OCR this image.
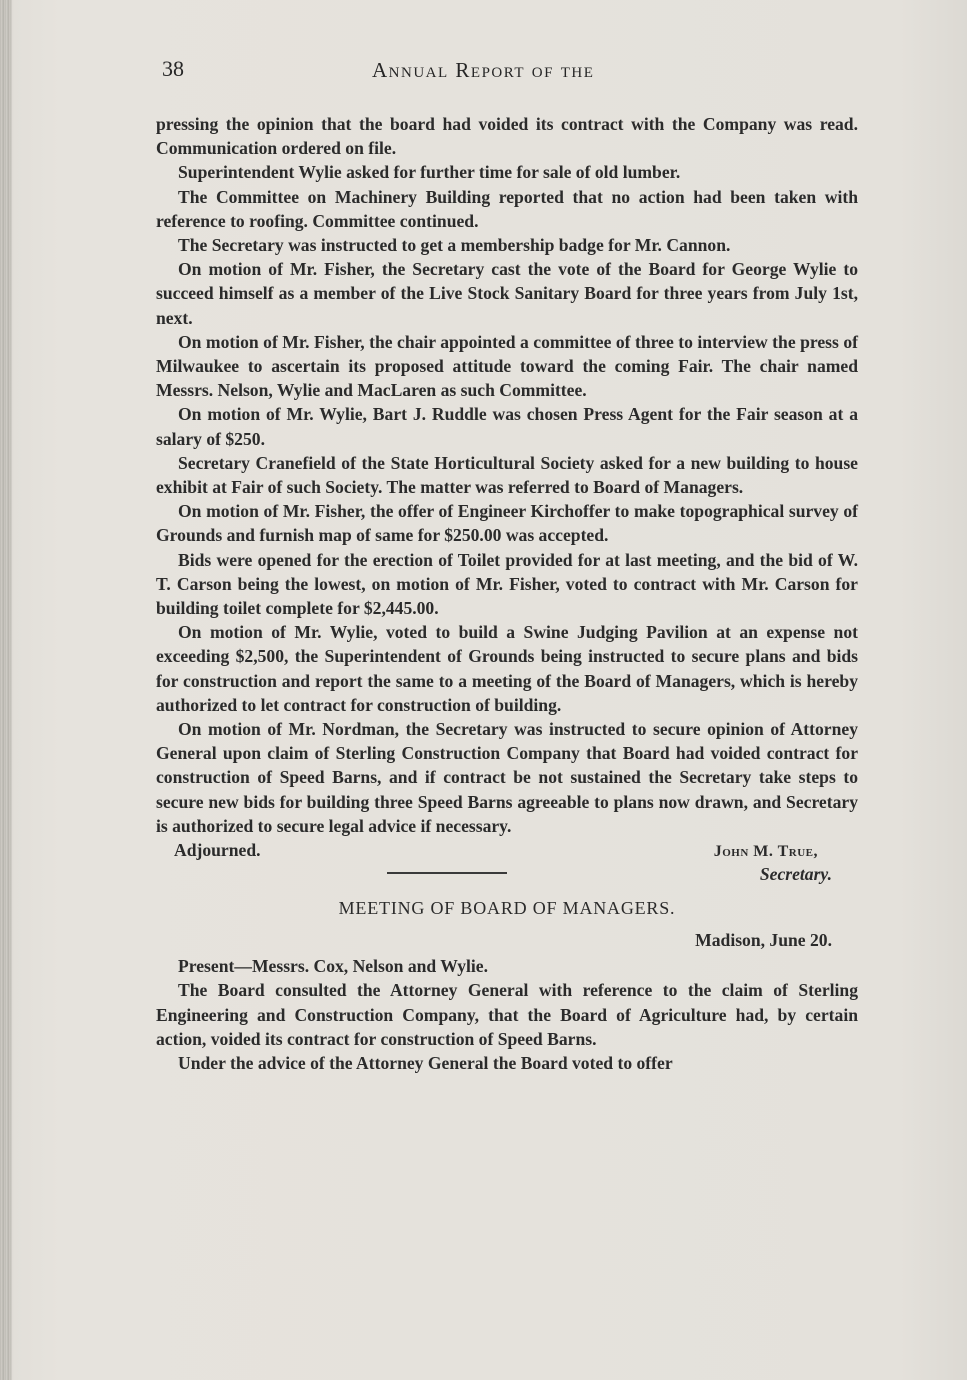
38	Annual Report of the

pressing the opinion that the board had voided its contract with the Company was read. Communication ordered on file.

Superintendent Wylie asked for further time for sale of old lumber.

The Committee on Machinery Building reported that no action had been taken with reference to roofing. Committee continued.

The Secretary was instructed to get a membership badge for Mr. Cannon.

On motion of Mr. Fisher, the Secretary cast the vote of the Board for George Wylie to succeed himself as a member of the Live Stock Sanitary Board for three years from July 1st, next.

On motion of Mr. Fisher, the chair appointed a committee of three to interview the press of Milwaukee to ascertain its proposed attitude toward the coming Fair. The chair named Messrs. Nelson, Wylie and MacLaren as such Committee.

On motion of Mr. Wylie, Bart J. Ruddle was chosen Press Agent for the Fair season at a salary of $250.

Secretary Cranefield of the State Horticultural Society asked for a new building to house exhibit at Fair of such Society. The matter was referred to Board of Managers.

On motion of Mr. Fisher, the offer of Engineer Kirchoffer to make topographical survey of Grounds and furnish map of same for $250.00 was accepted.

Bids were opened for the erection of Toilet provided for at last meeting, and the bid of W. T. Carson being the lowest, on motion of Mr. Fisher, voted to contract with Mr. Carson for building toilet complete for $2,445.00.

On motion of Mr. Wylie, voted to build a Swine Judging Pavilion at an expense not exceeding $2,500, the Superintendent of Grounds being instructed to secure plans and bids for construction and report the same to a meeting of the Board of Managers, which is hereby authorized to let contract for construction of building.

On motion of Mr. Nordman, the Secretary was instructed to secure opinion of Attorney General upon claim of Sterling Construction Company that Board had voided contract for construction of Speed Barns, and if contract be not sustained the Secretary take steps to secure new bids for building three Speed Barns agreeable to plans now drawn, and Secretary is authorized to secure legal advice if necessary.

Adjourned.	John M. True,
Secretary.
MEETING OF BOARD OF MANAGERS.
Madison, June 20.

Present—Messrs. Cox, Nelson and Wylie.

The Board consulted the Attorney General with reference to the claim of Sterling Engineering and Construction Company, that the Board of Agriculture had, by certain action, voided its contract for construction of Speed Barns.

Under the advice of the Attorney General the Board voted to offer
